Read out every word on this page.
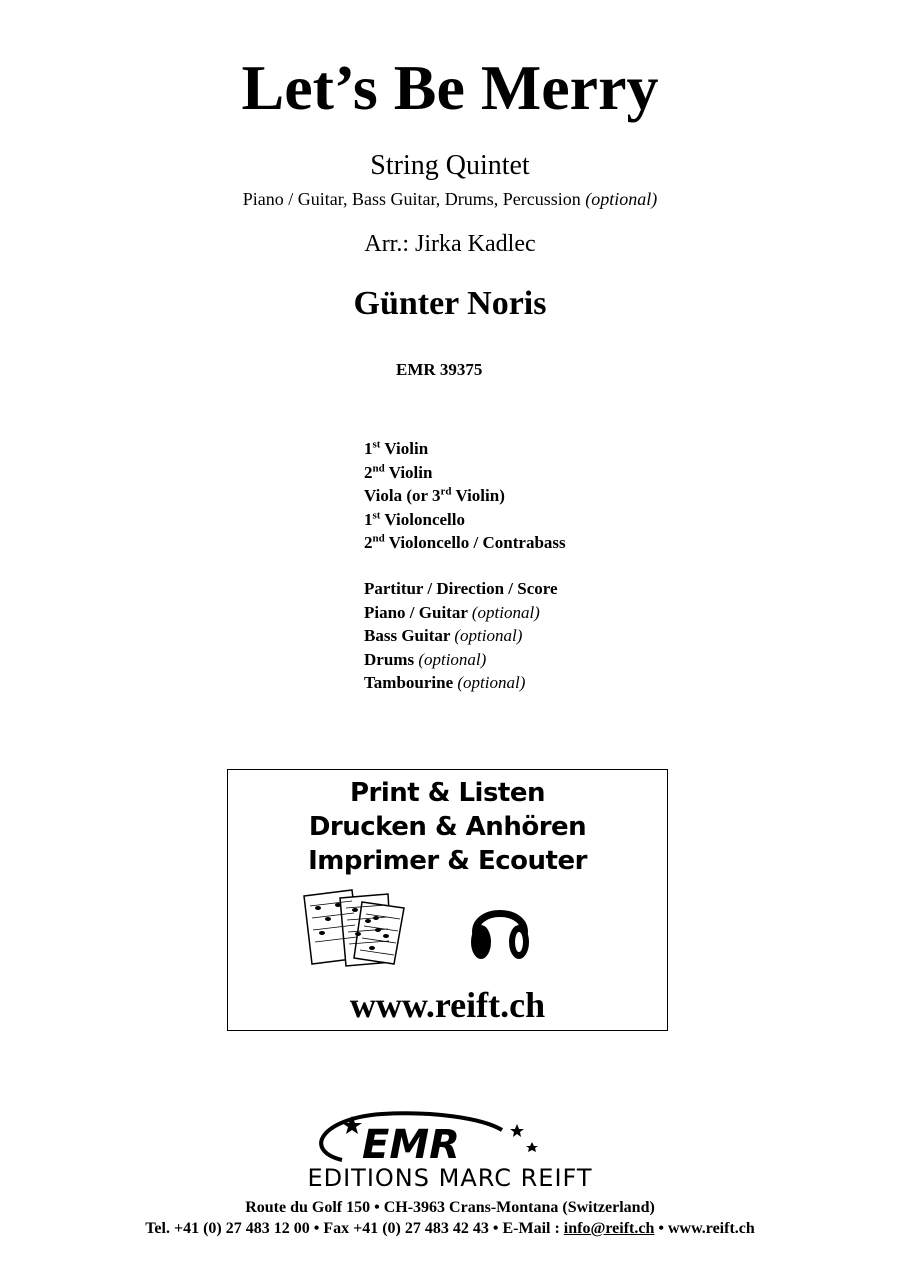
Let’s Be Merry
String Quintet
Piano / Guitar, Bass Guitar, Drums, Percussion (optional)
Arr.: Jirka Kadlec
Günter Noris
EMR 39375
1st Violin
2nd Violin
Viola (or 3rd Violin)
1st Violoncello
2nd Violoncello / Contrabass
Partitur / Direction / Score
Piano / Guitar (optional)
Bass Guitar (optional)
Drums (optional)
Tambourine (optional)
Print & Listen
Drucken & Anhören
Imprimer & Ecouter
www.reift.ch
EMR
EDITIONS MARC REIFT
Route du Golf 150 • CH-3963 Crans-Montana (Switzerland)
Tel. +41 (0) 27 483 12 00 • Fax +41 (0) 27 483 42 43 • E-Mail : info@reift.ch • www.reift.ch
